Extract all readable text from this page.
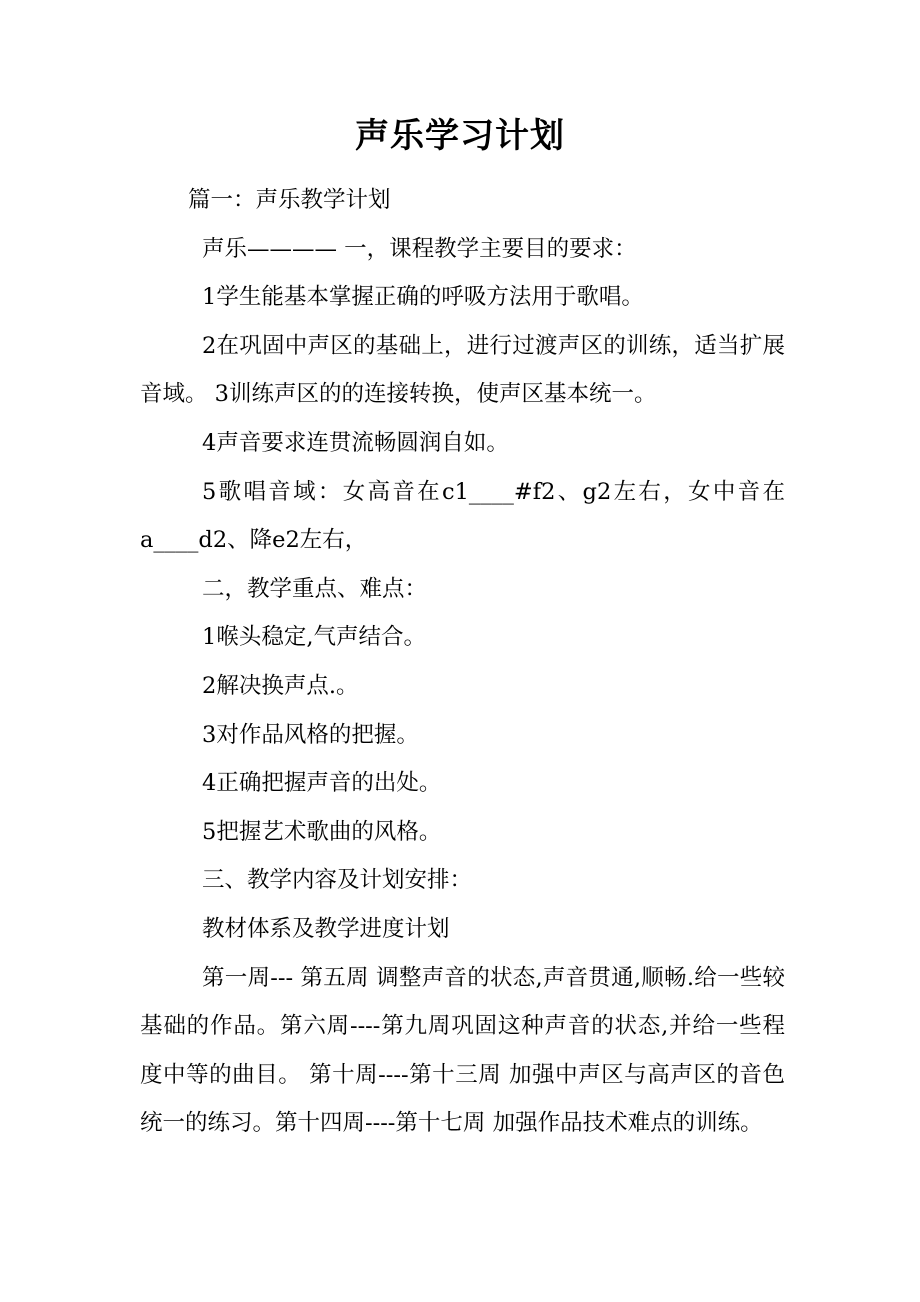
声乐学习计划

篇一：声乐教学计划

声乐———— 一，课程教学主要目的要求：

1学生能基本掌握正确的呼吸方法用于歌唱。

2在巩固中声区的基础上，进行过渡声区的训练，适当扩展音域。 3训练声区的的连接转换，使声区基本统一。

4声音要求连贯流畅圆润自如。

5歌唱音域：女高音在c1____#f2、g2左右，女中音在a____d2、降e2左右，

二，教学重点、难点：

1喉头稳定,气声结合。

2解决换声点.。

3对作品风格的把握。

4正确把握声音的出处。

5把握艺术歌曲的风格。

三、教学内容及计划安排：

教材体系及教学进度计划

第一周--- 第五周 调整声音的状态,声音贯通,顺畅.给一些较基础的作品。第六周----第九周巩固这种声音的状态,并给一些程度中等的曲目。 第十周----第十三周 加强中声区与高声区的音色统一的练习。第十四周----第十七周 加强作品技术难点的训练。
